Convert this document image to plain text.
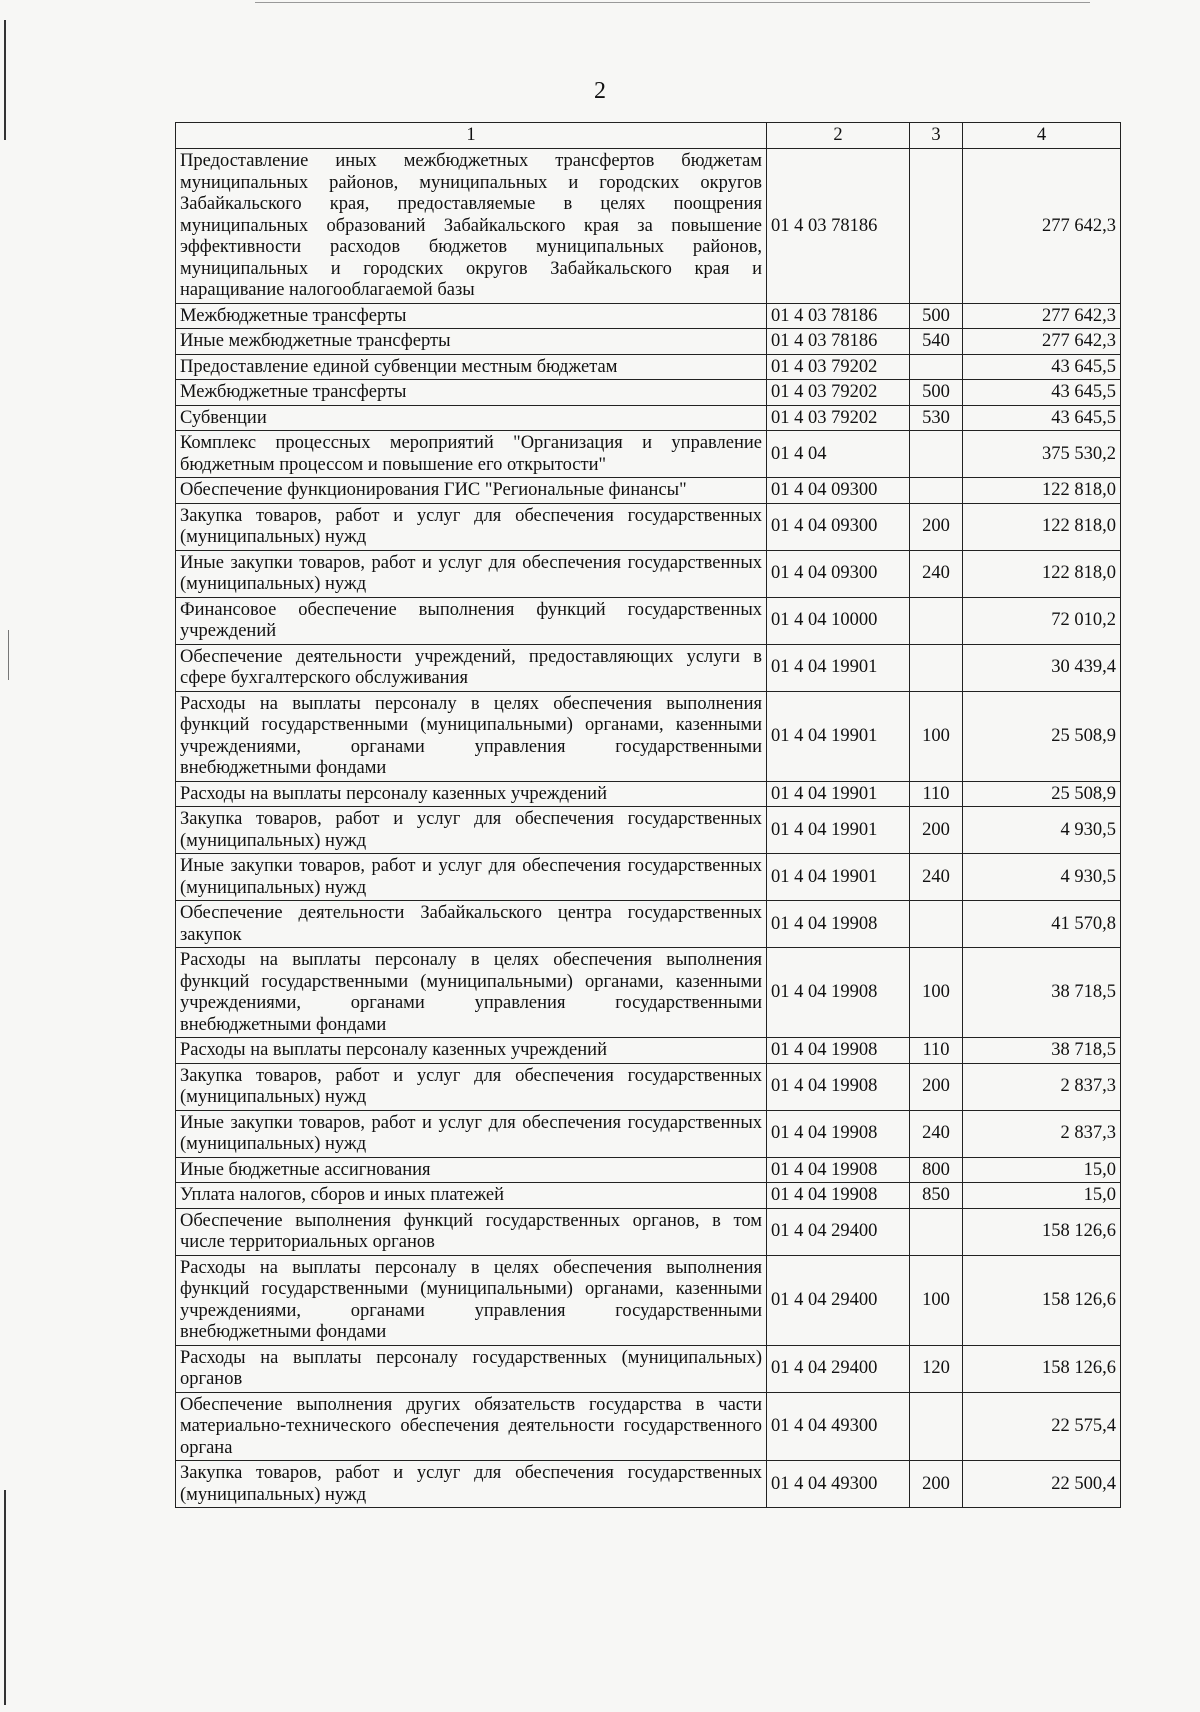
2
1	2	3	4
Предоставление иных межбюджетных трансфертов бюджетам муниципальных районов, муниципальных и городских округов Забайкальского края, предоставляемые в целях поощрения муниципальных образований Забайкальского края за повышение эффективности расходов бюджетов муниципальных районов, муниципальных и городских округов Забайкальского края и наращивание налогооблагаемой базы	01 4 03 78186		277 642,3
Межбюджетные трансферты	01 4 03 78186	500	277 642,3
Иные межбюджетные трансферты	01 4 03 78186	540	277 642,3
Предоставление единой субвенции местным бюджетам	01 4 03 79202		43 645,5
Межбюджетные трансферты	01 4 03 79202	500	43 645,5
Субвенции	01 4 03 79202	530	43 645,5
Комплекс процессных мероприятий "Организация и управление бюджетным процессом и повышение его открытости"	01 4 04		375 530,2
Обеспечение функционирования ГИС "Региональные финансы"	01 4 04 09300		122 818,0
Закупка товаров, работ и услуг для обеспечения государственных (муниципальных) нужд	01 4 04 09300	200	122 818,0
Иные закупки товаров, работ и услуг для обеспечения государственных (муниципальных) нужд	01 4 04 09300	240	122 818,0
Финансовое обеспечение выполнения функций государственных учреждений	01 4 04 10000		72 010,2
Обеспечение деятельности учреждений, предоставляющих услуги в сфере бухгалтерского обслуживания	01 4 04 19901		30 439,4
Расходы на выплаты персоналу в целях обеспечения выполнения функций государственными (муниципальными) органами, казенными учреждениями, органами управления государственными внебюджетными фондами	01 4 04 19901	100	25 508,9
Расходы на выплаты персоналу казенных учреждений	01 4 04 19901	110	25 508,9
Закупка товаров, работ и услуг для обеспечения государственных (муниципальных) нужд	01 4 04 19901	200	4 930,5
Иные закупки товаров, работ и услуг для обеспечения государственных (муниципальных) нужд	01 4 04 19901	240	4 930,5
Обеспечение деятельности Забайкальского центра государственных закупок	01 4 04 19908		41 570,8
Расходы на выплаты персоналу в целях обеспечения выполнения функций государственными (муниципальными) органами, казенными учреждениями, органами управления государственными внебюджетными фондами	01 4 04 19908	100	38 718,5
Расходы на выплаты персоналу казенных учреждений	01 4 04 19908	110	38 718,5
Закупка товаров, работ и услуг для обеспечения государственных (муниципальных) нужд	01 4 04 19908	200	2 837,3
Иные закупки товаров, работ и услуг для обеспечения государственных (муниципальных) нужд	01 4 04 19908	240	2 837,3
Иные бюджетные ассигнования	01 4 04 19908	800	15,0
Уплата налогов, сборов и иных платежей	01 4 04 19908	850	15,0
Обеспечение выполнения функций государственных органов, в том числе территориальных органов	01 4 04 29400		158 126,6
Расходы на выплаты персоналу в целях обеспечения выполнения функций государственными (муниципальными) органами, казенными учреждениями, органами управления государственными внебюджетными фондами	01 4 04 29400	100	158 126,6
Расходы на выплаты персоналу государственных (муниципальных) органов	01 4 04 29400	120	158 126,6
Обеспечение выполнения других обязательств государства в части материально-технического обеспечения деятельности государственного органа	01 4 04 49300		22 575,4
Закупка товаров, работ и услуг для обеспечения государственных (муниципальных) нужд	01 4 04 49300	200	22 500,4
